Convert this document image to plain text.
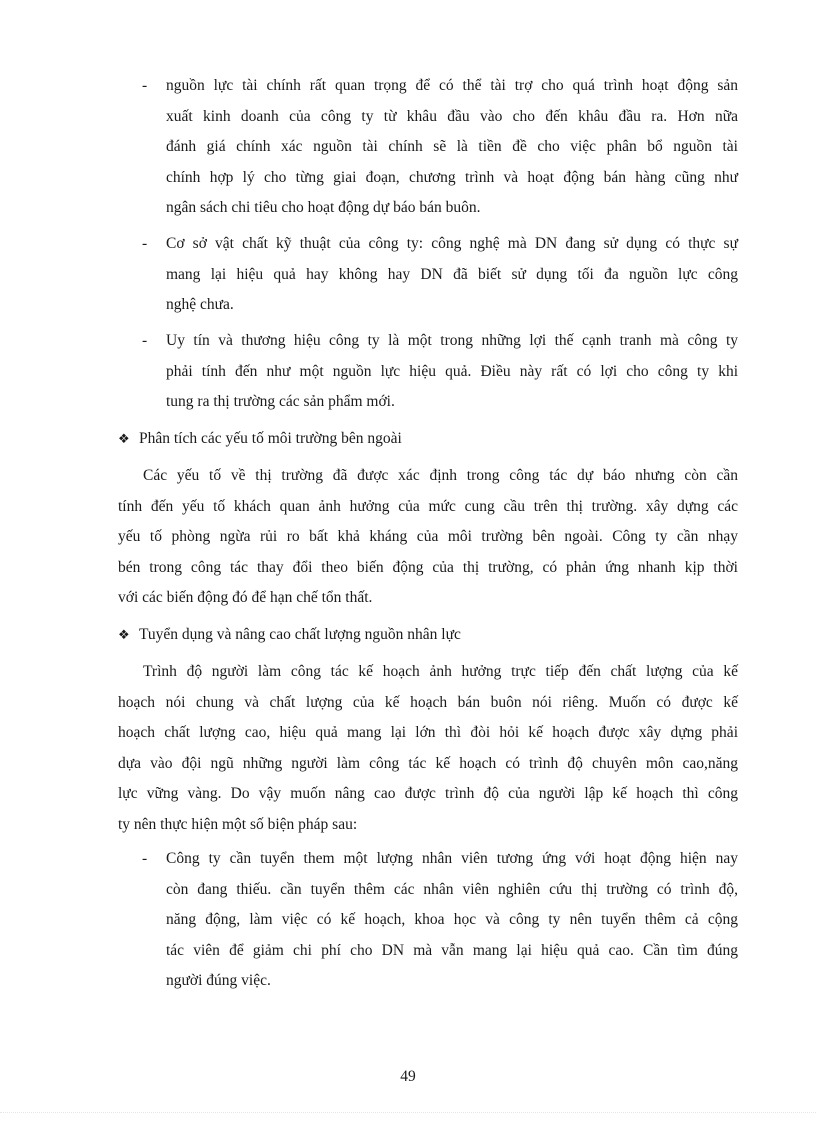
- nguồn lực tài chính rất quan trọng để có thể tài trợ cho quá trình hoạt động sản
xuất kinh doanh của công ty từ khâu đầu vào cho đến khâu đầu ra. Hơn nữa
đánh giá chính xác nguồn tài chính sẽ là tiền đề cho việc phân bổ nguồn tài
chính hợp lý cho từng giai đoạn, chương trình và hoạt động bán hàng cũng như
ngân sách chi tiêu cho hoạt động dự báo bán buôn.
- Cơ sở vật chất kỹ thuật của công ty: công nghệ mà DN đang sử dụng có thực sự
mang lại hiệu quả hay không hay DN đã biết sử dụng tối đa nguồn lực công
nghệ chưa.
- Uy tín và thương hiệu công ty là một trong những lợi thế cạnh tranh mà công ty
phải tính đến như một nguồn lực hiệu quả. Điều này rất có lợi cho công ty khi
tung ra thị trường các sản phẩm mới.
❖ Phân tích các yếu tố môi trường bên ngoài
Các yếu tố về thị trường đã được xác định trong công tác dự báo nhưng còn cần
tính đến yếu tố khách quan ảnh hưởng của mức cung cầu trên thị trường. xây dựng các
yếu tố phòng ngừa rủi ro bất khả kháng của môi trường bên ngoài. Công ty cần nhạy
bén trong công tác thay đổi theo biến động của thị trường, có phản ứng nhanh kịp thời
với các biến động đó để hạn chế tổn thất.
❖ Tuyển dụng và nâng cao chất lượng nguồn nhân lực
Trình độ người làm công tác kế hoạch ảnh hưởng trực tiếp đến chất lượng của kế
hoạch nói chung và chất lượng của kế hoạch bán buôn nói riêng. Muốn có được kế
hoạch chất lượng cao, hiệu quả mang lại lớn thì đòi hỏi kế hoạch được xây dựng phải
dựa vào đội ngũ những người làm công tác kế hoạch có trình độ chuyên môn cao,năng
lực vững vàng. Do vậy muốn nâng cao được trình độ của người lập kế hoạch thì công
ty nên thực hiện một số biện pháp sau:
- Công ty cần tuyển them một lượng nhân viên tương ứng với hoạt động hiện nay
còn đang thiếu. cần tuyển thêm các nhân viên nghiên cứu thị trường có trình độ,
năng động, làm việc có kế hoạch, khoa học và công ty nên tuyển thêm cả cộng
tác viên để giảm chi phí cho DN mà vẫn mang lại hiệu quả cao. Cần tìm đúng
người đúng việc.
49
